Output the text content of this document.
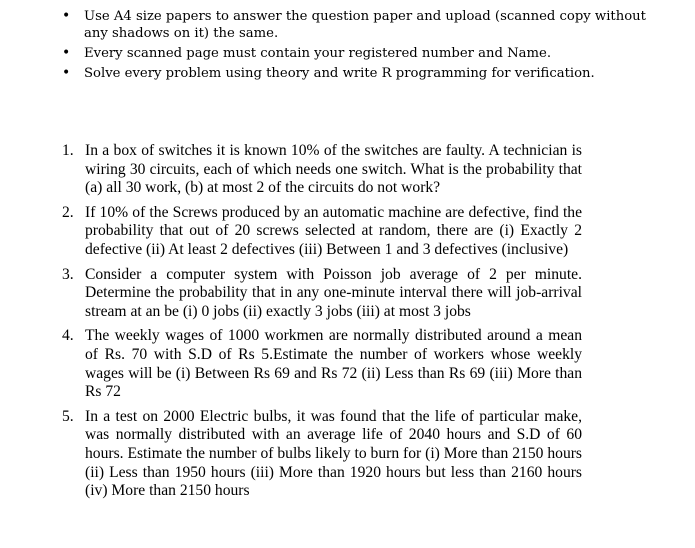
• Use A4 size papers to answer the question paper and upload (scanned copy without any shadows on it) the same.
• Every scanned page must contain your registered number and Name.
• Solve every problem using theory and write R programming for verification.
1. In a box of switches it is known 10% of the switches are faulty. A technician is wiring 30 circuits, each of which needs one switch. What is the probability that (a) all 30 work, (b) at most 2 of the circuits do not work?
2. If 10% of the Screws produced by an automatic machine are defective, find the probability that out of 20 screws selected at random, there are (i) Exactly 2 defective (ii) At least 2 defectives (iii) Between 1 and 3 defectives (inclusive)
3. Consider a computer system with Poisson job average of 2 per minute. Determine the probability that in any one-minute interval there will job-arrival stream at an be (i) 0 jobs (ii) exactly 3 jobs (iii) at most 3 jobs
4. The weekly wages of 1000 workmen are normally distributed around a mean of Rs. 70 with S.D of Rs 5.Estimate the number of workers whose weekly wages will be (i) Between Rs 69 and Rs 72 (ii) Less than Rs 69 (iii) More than Rs 72
5. In a test on 2000 Electric bulbs, it was found that the life of particular make, was normally distributed with an average life of 2040 hours and S.D of 60 hours. Estimate the number of bulbs likely to burn for (i) More than 2150 hours (ii) Less than 1950 hours (iii) More than 1920 hours but less than 2160 hours (iv) More than 2150 hours
